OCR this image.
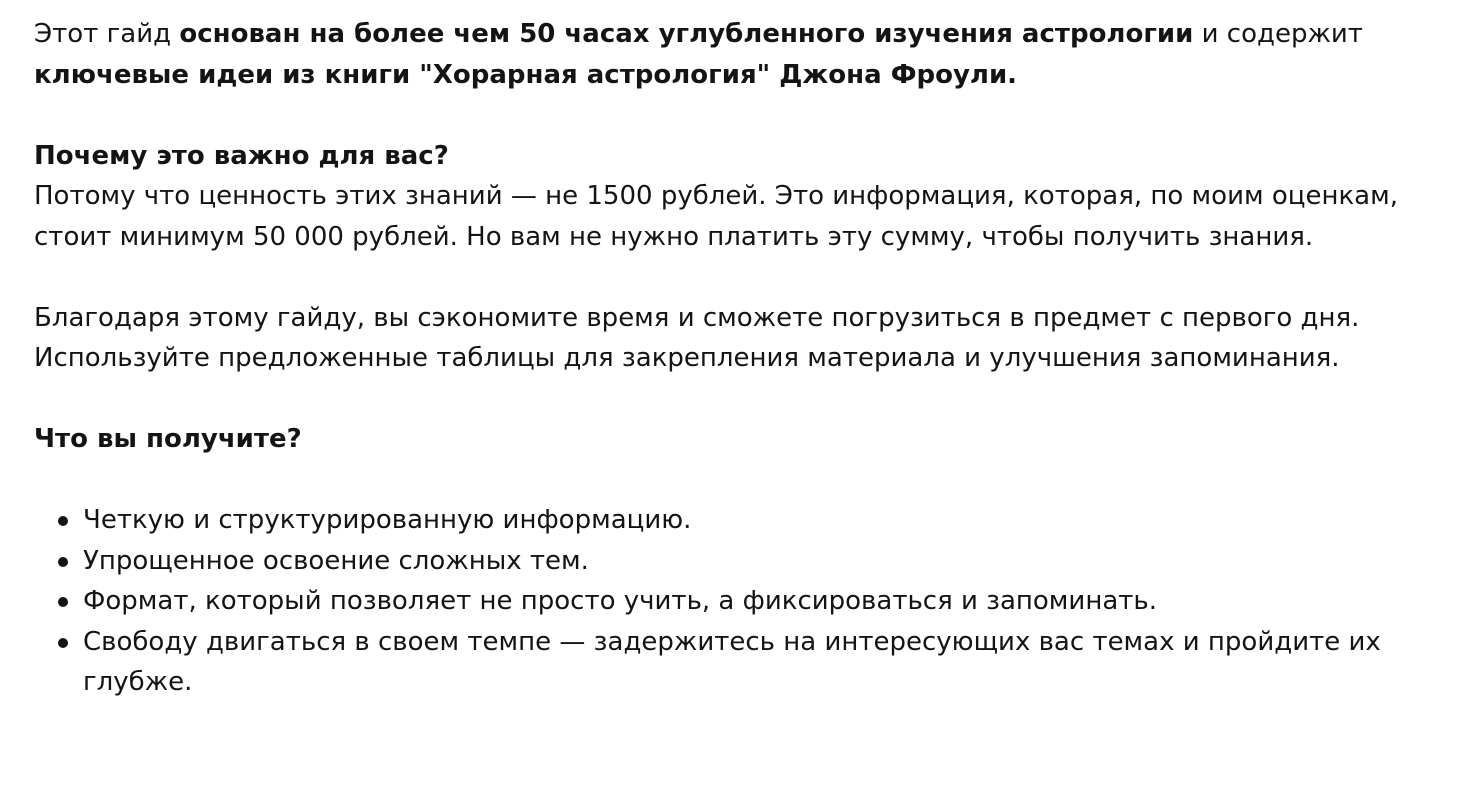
Этот гайд основан на более чем 50 часах углубленного изучения астрологии и содержит ключевые идеи из книги "Хорарная астрология" Джона Фроули.

Почему это важно для вас?

Потому что ценность этих знаний — не 1500 рублей. Это информация, которая, по моим оценкам, стоит минимум 50 000 рублей. Но вам не нужно платить эту сумму, чтобы получить знания.

Благодаря этому гайду, вы сэкономите время и сможете погрузиться в предмет с первого дня. Используйте предложенные таблицы для закрепления материала и улучшения запоминания.

Что вы получите?

Четкую и структурированную информацию.
Упрощенное освоение сложных тем.
Формат, который позволяет не просто учить, а фиксироваться и запоминать.
Свободу двигаться в своем темпе — задержитесь на интересующих вас темах и пройдите их глубже.
